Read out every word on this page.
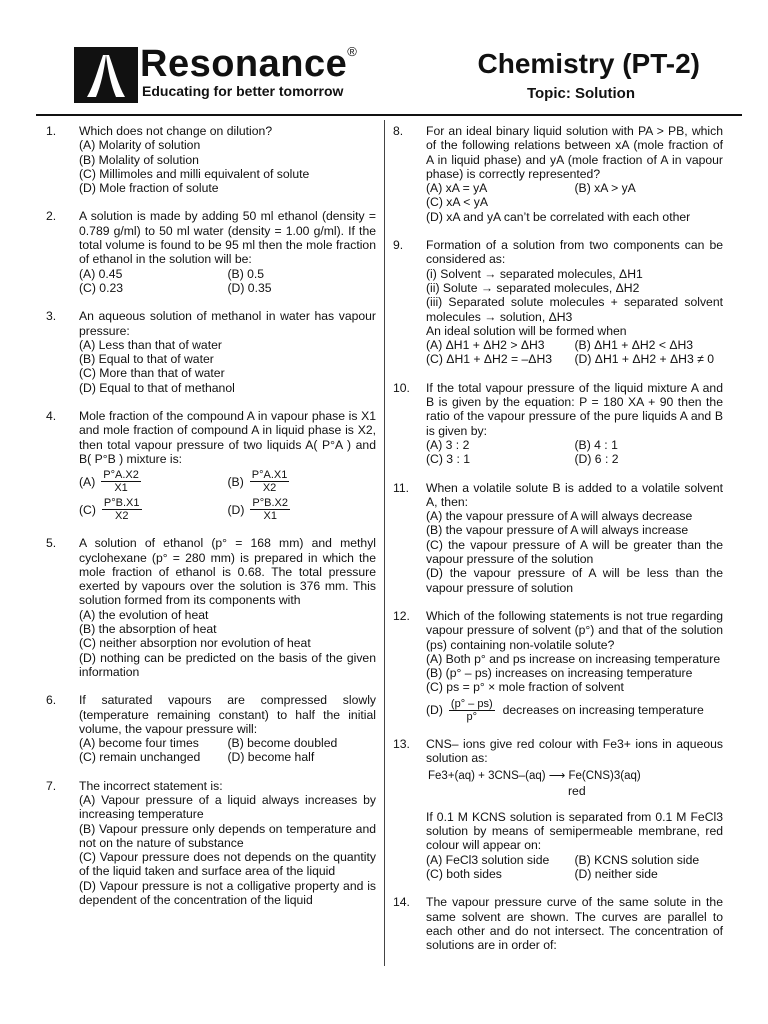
Resonance®
Educating for better tomorrow
Chemistry (PT-2)
Topic: Solution
1. Which does not change on dilution?
(A) Molarity of solution
(B) Molality of solution
(C) Millimoles and milli equivalent of solute
(D) Mole fraction of solute
2. A solution is made by adding 50 ml ethanol (density = 0.789 g/ml) to 50 ml water (density = 1.00 g/ml). If the total volume is found to be 95 ml then the mole fraction of ethanol in the solution will be:
(A) 0.45	(B) 0.5
(C) 0.23	(D) 0.35
3. An aqueous solution of methanol in water has vapour pressure:
(A) Less than that of water
(B) Equal to that of water
(C) More than that of water
(D) Equal to that of methanol
4. Mole fraction of the compound A in vapour phase is X1 and mole fraction of compound A in liquid phase is X2, then total vapour pressure of two liquids A( P°A ) and B( P°B ) mixture is:
$(A) \frac{P^\circ A.X2}{X1}$	$(B) \frac{P^\circ A.X1}{X2}$
$(C) \frac{P^\circ B.X1}{X2}$	$(D) \frac{P^\circ B.X2}{X1}$
5. A solution of ethanol (p° = 168 mm) and methyl cyclohexane (p° = 280 mm) is prepared in which the mole fraction of ethanol is 0.68. The total pressure exerted by vapours over the solution is 376 mm. This solution formed from its components with
(A) the evolution of heat
(B) the absorption of heat
(C) neither absorption nor evolution of heat
(D) nothing can be predicted on the basis of the given information
6. If saturated vapours are compressed slowly (temperature remaining constant) to half the initial volume, the vapour pressure will:
(A) become four times	(B) become doubled
(C) remain unchanged	(D) become half
7. The incorrect statement is:
(A) Vapour pressure of a liquid always increases by increasing temperature
(B) Vapour pressure only depends on temperature and not on the nature of substance
(C) Vapour pressure does not depends on the quantity of the liquid taken and surface area of the liquid
(D) Vapour pressure is not a colligative property and is dependent of the concentration of the liquid
8. For an ideal binary liquid solution with PA > PB, which of the following relations between xA (mole fraction of A in liquid phase) and yA (mole fraction of A in vapour phase) is correctly represented?
(A) xA = yA	(B) xA > yA
(C) xA < yA
(D) xA and yA can’t be correlated with each other
9. Formation of a solution from two components can be considered as:
(i) Solvent → separated molecules, ΔH1
(ii) Solute → separated molecules, ΔH2
(iii) Separated solute molecules + separated solvent molecules → solution, ΔH3
An ideal solution will be formed when
(A) ΔH1 + ΔH2 > ΔH3	(B) ΔH1 + ΔH2 < ΔH3
(C) ΔH1 + ΔH2 = –ΔH3	(D) ΔH1 + ΔH2 + ΔH3 ≠ 0
10. If the total vapour pressure of the liquid mixture A and B is given by the equation: P = 180 XA + 90 then the ratio of the vapour pressure of the pure liquids A and B is given by:
(A) 3 : 2	(B) 4 : 1
(C) 3 : 1	(D) 6 : 2
11. When a volatile solute B is added to a volatile solvent A, then:
(A) the vapour pressure of A will always decrease
(B) the vapour pressure of A will always increase
(C) the vapour pressure of A will be greater than the vapour pressure of the solution
(D) the vapour pressure of A will be less than the vapour pressure of solution
12. Which of the following statements is not true regarding vapour pressure of solvent (p°) and that of the solution (ps) containing non-volatile solute?
(A) Both p° and ps increase on increasing temperature
(B) (p° – ps) increases on increasing temperature
(C) ps = p° × mole fraction of solvent
$(D) \frac{(p^\circ - ps)}{p^\circ}$ decreases on increasing temperature
13. CNS– ions give red colour with Fe3+ ions in aqueous solution as:
Fe3+(aq) + 3CNS–(aq) ⟶ Fe(CNS)3(aq)
red
If 0.1 M KCNS solution is separated from 0.1 M FeCl3 solution by means of semipermeable membrane, red colour will appear on:
(A) FeCl3 solution side	(B) KCNS solution side
(C) both sides	(D) neither side
14. The vapour pressure curve of the same solute in the same solvent are shown. The curves are parallel to each other and do not intersect. The concentration of solutions are in order of:
